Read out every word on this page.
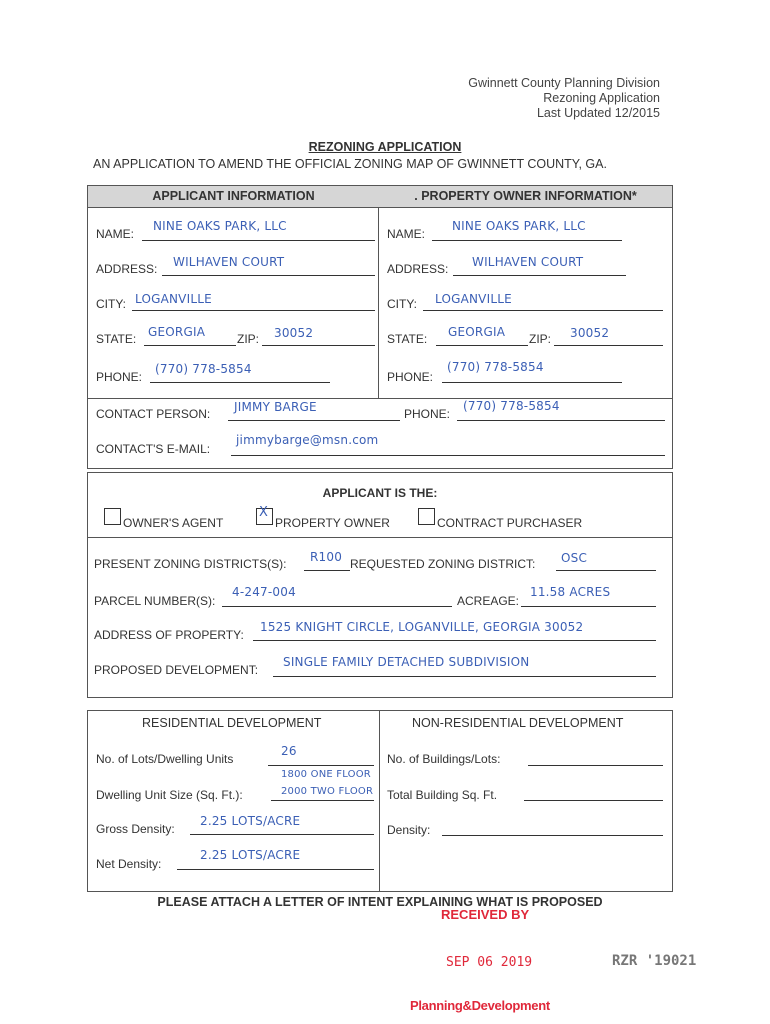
Gwinnett County Planning Division
Rezoning Application
Last Updated 12/2015
REZONING APPLICATION
AN APPLICATION TO AMEND THE OFFICIAL ZONING MAP OF GWINNETT COUNTY, GA.
APPLICANT INFORMATION	. PROPERTY OWNER INFORMATION*
NAME:
NINE OAKS PARK, LLC
ADDRESS: WILHAVEN COURT
CITY: LOGANVILLE
STATE: GEORGIA	ZIP: 30052
PHONE:
(770) 778-5854
NAME:
NINE OAKS PARK, LLC
ADDRESS: WILHAVEN COURT
CITY: LOGANVILLE
STATE: GEORGIA ZIP: 30052
PHONE:
(770) 778-5854
CONTACT PERSON: JIMMY BARGE	PHONE:
(770) 778-5854
CONTACT'S E-MAIL:
jimmybarge@msn.com
APPLICANT IS THE:
OWNER'S AGENT
X
PROPERTY OWNER	CONTRACT PURCHASER
PRESENT ZONING DISTRICTS(S): R100 REQUESTED ZONING DISTRICT: OSC
PARCEL NUMBER(S):
4-247-004
ACREAGE:
11.58 ACRES
ADDRESS OF PROPERTY:
1525 KNIGHT CIRCLE, LOGANVILLE, GEORGIA 30052
PROPOSED DEVELOPMENT:
SINGLE FAMILY DETACHED SUBDIVISION
RESIDENTIAL DEVELOPMENT	NON-RESIDENTIAL DEVELOPMENT
No. of Lots/Dwelling Units
26
Dwelling Unit Size (Sq. Ft.):
1800 ONE FLOOR
2000 TWO FLOOR
Gross Density:
2.25 LOTS/ACRE
Net Density:
2.25 LOTS/ACRE
No. of Buildings/Lots:
Total Building Sq. Ft.
Density:
PLEASE ATTACH A LETTER OF INTENT EXPLAINING WHAT IS PROPOSED
RECEIVED BY
SEP 06 2019	RZR '19021
Planning&Development
